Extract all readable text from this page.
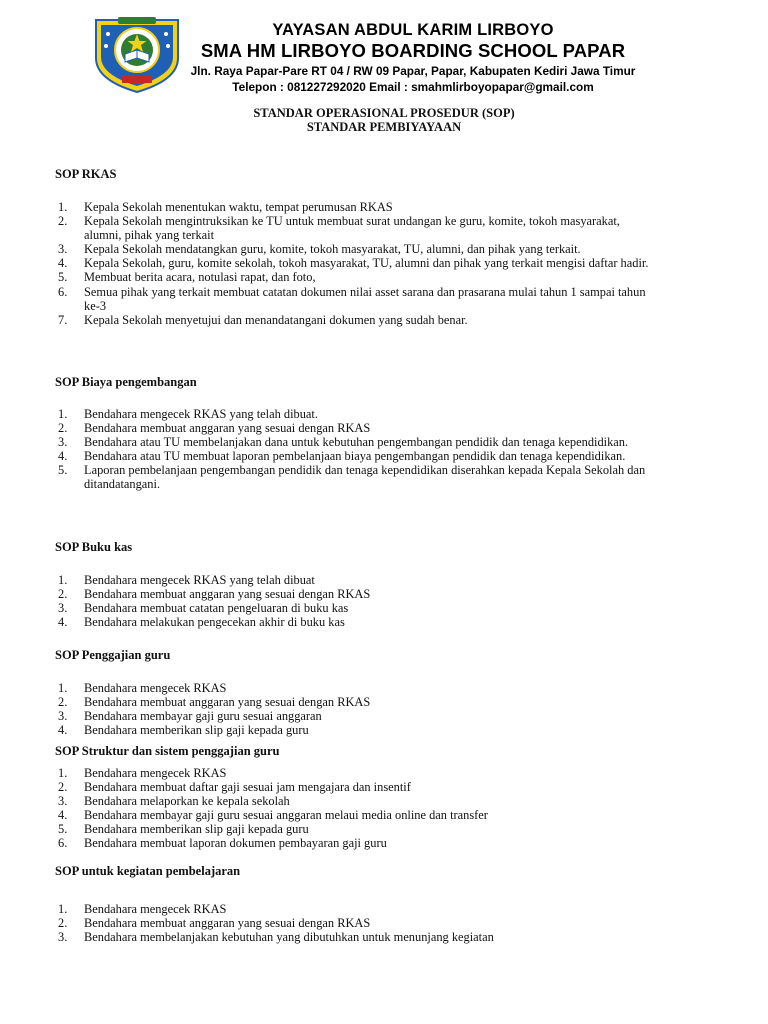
YAYASAN ABDUL KARIM LIRBOYO
SMA HM LIRBOYO BOARDING SCHOOL PAPAR
Jln. Raya Papar-Pare RT 04 / RW 09 Papar, Papar, Kabupaten Kediri Jawa Timur
Telepon : 081227292020 Email : smahmlirboyopapar@gmail.com
STANDAR OPERASIONAL PROSEDUR (SOP)
STANDAR PEMBIYAYAAN
SOP RKAS
1.	Kepala Sekolah menentukan waktu, tempat perumusan RKAS
2.	Kepala Sekolah mengintruksikan ke TU untuk membuat surat undangan ke guru, komite, tokoh masyarakat, alumni, pihak yang terkait
3.	Kepala Sekolah mendatangkan guru, komite, tokoh masyarakat, TU, alumni, dan pihak yang terkait.
4.	Kepala Sekolah, guru, komite sekolah, tokoh masyarakat, TU, alumni dan pihak yang terkait mengisi daftar hadir.
5.	Membuat berita acara, notulasi rapat, dan foto,
6.	Semua pihak yang terkait membuat catatan dokumen nilai asset sarana dan prasarana mulai tahun 1 sampai tahun ke-3
7.	Kepala Sekolah menyetujui dan menandatangani dokumen yang sudah benar.
SOP Biaya pengembangan
1.	Bendahara mengecek RKAS yang telah dibuat.
2.	Bendahara membuat anggaran yang sesuai dengan RKAS
3.	Bendahara atau TU membelanjakan dana untuk kebutuhan pengembangan pendidik dan tenaga kependidikan.
4.	Bendahara atau TU membuat laporan pembelanjaan biaya pengembangan pendidik dan tenaga kependidikan.
5.	Laporan pembelanjaan pengembangan pendidik dan tenaga kependidikan diserahkan kepada Kepala Sekolah dan ditandatangani.
SOP Buku kas
1.	Bendahara mengecek RKAS yang telah dibuat
2.	Bendahara membuat anggaran yang sesuai dengan RKAS
3.	Bendahara membuat catatan pengeluaran di buku kas
4.	Bendahara melakukan pengecekan akhir di buku kas
SOP Penggajian guru
1.	Bendahara mengecek RKAS
2.	Bendahara membuat anggaran yang sesuai dengan RKAS
3.	Bendahara membayar gaji guru sesuai anggaran
4.	Bendahara memberikan slip gaji kepada guru
SOP Struktur dan sistem penggajian guru
1.	Bendahara mengecek RKAS
2.	Bendahara membuat daftar gaji sesuai jam mengajara dan insentif
3.	Bendahara melaporkan ke kepala sekolah
4.	Bendahara membayar gaji guru sesuai anggaran melaui media online dan transfer
5.	Bendahara memberikan slip gaji kepada guru
6.	Bendahara membuat laporan dokumen pembayaran gaji guru
SOP untuk kegiatan pembelajaran
1.	Bendahara mengecek RKAS
2.	Bendahara membuat anggaran yang sesuai dengan RKAS
3.	Bendahara membelanjakan kebutuhan yang dibutuhkan untuk menunjang kegiatan
